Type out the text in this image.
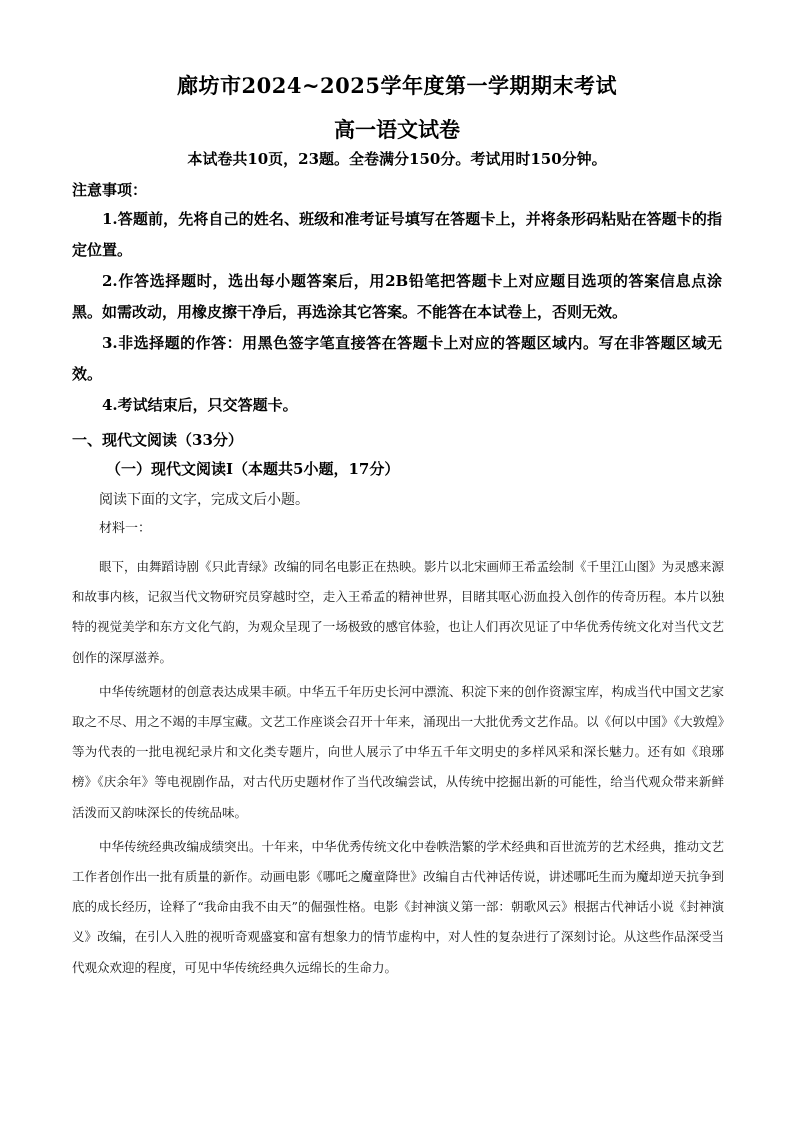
廊坊市2024~2025学年度第一学期期末考试
高一语文试卷
本试卷共10页，23题。全卷满分150分。考试用时150分钟。
注意事项：
1.答题前，先将自己的姓名、班级和准考证号填写在答题卡上，并将条形码粘贴在答题卡的指定位置。
2.作答选择题时，选出每小题答案后，用2B铅笔把答题卡上对应题目选项的答案信息点涂黑。如需改动，用橡皮擦干净后，再选涂其它答案。不能答在本试卷上，否则无效。
3.非选择题的作答：用黑色签字笔直接答在答题卡上对应的答题区域内。写在非答题区域无效。
4.考试结束后，只交答题卡。
一、现代文阅读（33分）
（一）现代文阅读Ⅰ（本题共5小题，17分）
阅读下面的文字，完成文后小题。
材料一：

眼下，由舞蹈诗剧《只此青绿》改编的同名电影正在热映。影片以北宋画师王希孟绘制《千里江山图》为灵感来源和故事内核，记叙当代文物研究员穿越时空，走入王希孟的精神世界，目睹其呕心沥血投入创作的传奇历程。本片以独特的视觉美学和东方文化气韵，为观众呈现了一场极致的感官体验，也让人们再次见证了中华优秀传统文化对当代文艺创作的深厚滋养。

中华传统题材的创意表达成果丰硕。中华五千年历史长河中漂流、积淀下来的创作资源宝库，构成当代中国文艺家取之不尽、用之不竭的丰厚宝藏。文艺工作座谈会召开十年来，涌现出一大批优秀文艺作品。以《何以中国》《大敦煌》等为代表的一批电视纪录片和文化类专题片，向世人展示了中华五千年文明史的多样风采和深长魅力。还有如《琅琊榜》《庆余年》等电视剧作品，对古代历史题材作了当代改编尝试，从传统中挖掘出新的可能性，给当代观众带来新鲜活泼而又韵味深长的传统品味。

中华传统经典改编成绩突出。十年来，中华优秀传统文化中卷帙浩繁的学术经典和百世流芳的艺术经典，推动文艺工作者创作出一批有质量的新作。动画电影《哪吒之魔童降世》改编自古代神话传说，讲述哪吒生而为魔却逆天抗争到底的成长经历，诠释了“我命由我不由天”的倔强性格。电影《封神演义第一部：朝歌风云》根据古代神话小说《封神演义》改编，在引人入胜的视听奇观盛宴和富有想象力的情节虚构中，对人性的复杂进行了深刻讨论。从这些作品深受当代观众欢迎的程度，可见中华传统经典久远绵长的生命力。
